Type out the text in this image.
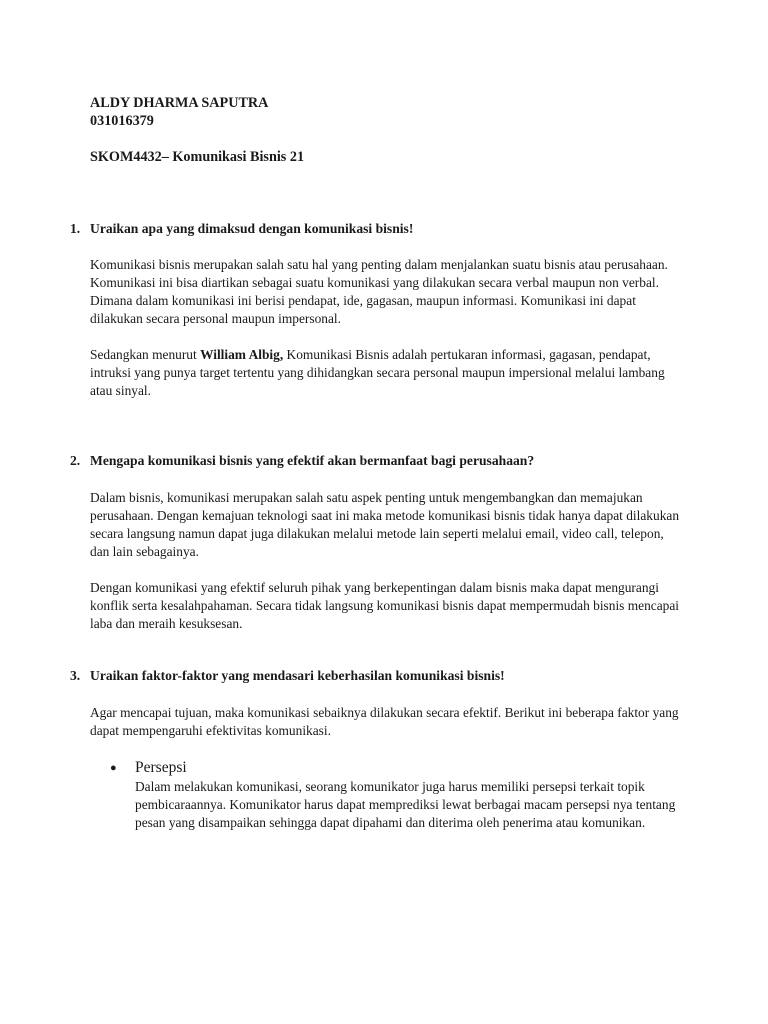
ALDY DHARMA SAPUTRA
031016379
SKOM4432– Komunikasi Bisnis 21
1. Uraikan apa yang dimaksud dengan komunikasi bisnis!
Komunikasi bisnis merupakan salah satu hal yang penting dalam menjalankan suatu bisnis atau perusahaan. Komunikasi ini bisa diartikan sebagai suatu komunikasi yang dilakukan secara verbal maupun non verbal. Dimana dalam komunikasi ini berisi pendapat, ide, gagasan, maupun informasi. Komunikasi ini dapat dilakukan secara personal maupun impersonal.
Sedangkan menurut William Albig, Komunikasi Bisnis adalah pertukaran informasi, gagasan, pendapat, intruksi yang punya target tertentu yang dihidangkan secara personal maupun impersional melalui lambang atau sinyal.
2. Mengapa komunikasi bisnis yang efektif akan bermanfaat bagi perusahaan?
Dalam bisnis, komunikasi merupakan salah satu aspek penting untuk mengembangkan dan memajukan perusahaan. Dengan kemajuan teknologi saat ini maka metode komunikasi bisnis tidak hanya dapat dilakukan secara langsung namun dapat juga dilakukan melalui metode lain seperti melalui email, video call, telepon, dan lain sebagainya.
Dengan komunikasi yang efektif seluruh pihak yang berkepentingan dalam bisnis maka dapat mengurangi konflik serta kesalahpahaman. Secara tidak langsung komunikasi bisnis dapat mempermudah bisnis mencapai laba dan meraih kesuksesan.
3. Uraikan faktor-faktor yang mendasari keberhasilan komunikasi bisnis!
Agar mencapai tujuan, maka komunikasi sebaiknya dilakukan secara efektif. Berikut ini beberapa faktor yang dapat mempengaruhi efektivitas komunikasi.
●	Persepsi
Dalam melakukan komunikasi, seorang komunikator juga harus memiliki persepsi terkait topik pembicaraannya. Komunikator harus dapat memprediksi lewat berbagai macam persepsi nya tentang pesan yang disampaikan sehingga dapat dipahami dan diterima oleh penerima atau komunikan.
